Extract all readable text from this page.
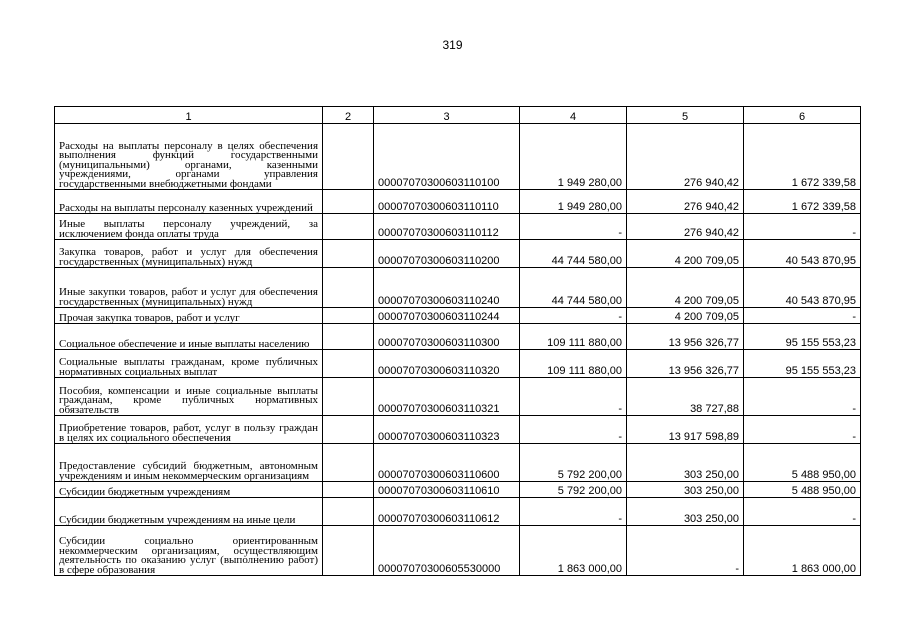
319
1	2	3	4	5	6
Расходы на выплаты персоналу в целях обеспечения выполнения функций государственными (муниципальными) органами, казенными учреждениями, органами управления государственными внебюджетными фондами		00007070300603110100	1 949 280,00	276 940,42	1 672 339,58
Расходы на выплаты персоналу казенных учреждений		00007070300603110110	1 949 280,00	276 940,42	1 672 339,58
Иные выплаты персоналу учреждений, за исключением фонда оплаты труда		00007070300603110112	-	276 940,42	-
Закупка товаров, работ и услуг для обеспечения государственных (муниципальных) нужд		00007070300603110200	44 744 580,00	4 200 709,05	40 543 870,95
Иные закупки товаров, работ и услуг для обеспечения государственных (муниципальных) нужд		00007070300603110240	44 744 580,00	4 200 709,05	40 543 870,95
Прочая закупка товаров, работ и услуг		00007070300603110244	-	4 200 709,05	-
Социальное обеспечение и иные выплаты населению		00007070300603110300	109 111 880,00	13 956 326,77	95 155 553,23
Социальные выплаты гражданам, кроме публичных нормативных социальных выплат		00007070300603110320	109 111 880,00	13 956 326,77	95 155 553,23
Пособия, компенсации и иные социальные выплаты гражданам, кроме публичных нормативных обязательств		00007070300603110321	-	38 727,88	-
Приобретение товаров, работ, услуг в пользу граждан в целях их социального обеспечения		00007070300603110323	-	13 917 598,89	-
Предоставление субсидий бюджетным, автономным учреждениям и иным некоммерческим организациям		00007070300603110600	5 792 200,00	303 250,00	5 488 950,00
Субсидии бюджетным учреждениям		00007070300603110610	5 792 200,00	303 250,00	5 488 950,00
Субсидии бюджетным учреждениям на иные цели		00007070300603110612	-	303 250,00	-
Субсидии социально ориентированным некоммерческим организациям, осуществляющим деятельность по оказанию услуг (выполнению работ) в сфере образования		00007070300605530000	1 863 000,00	-	1 863 000,00
